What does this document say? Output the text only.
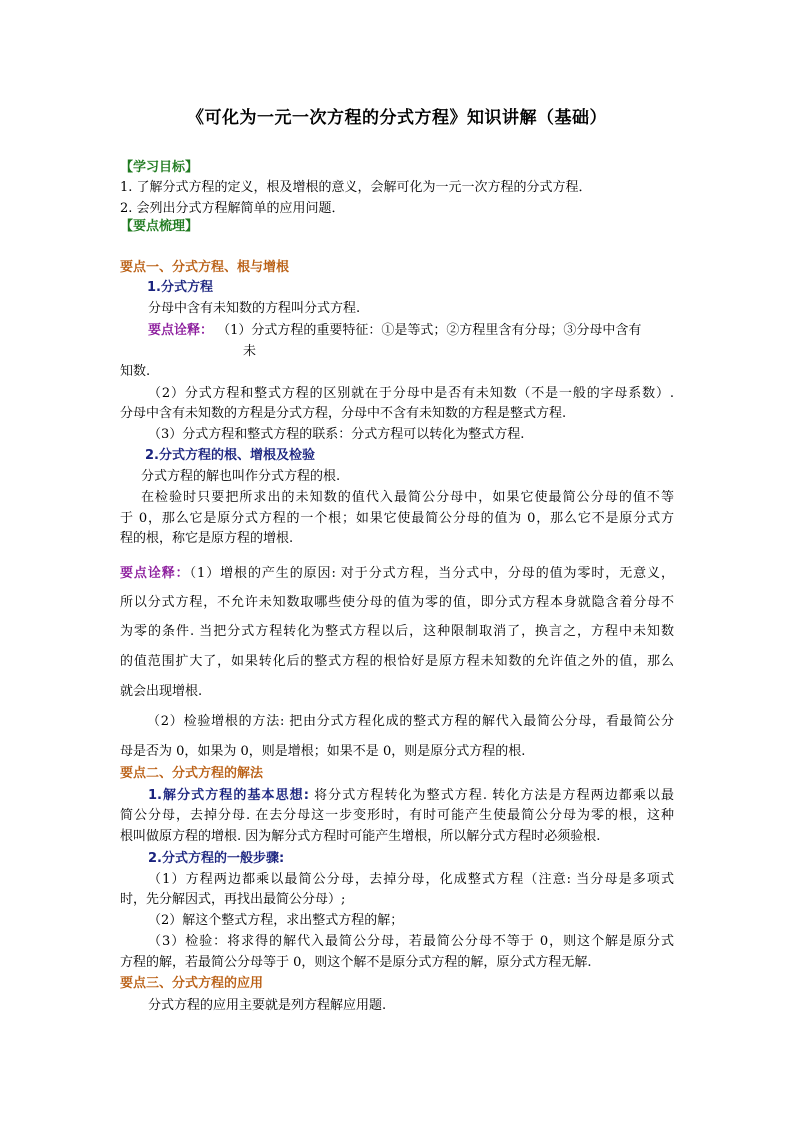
《可化为一元一次方程的分式方程》知识讲解（基础）
【学习目标】
1. 了解分式方程的定义，根及增根的意义，会解可化为一元一次方程的分式方程．
2. 会列出分式方程解简单的应用问题．
【要点梳理】
要点一、分式方程、根与增根
1.分式方程
分母中含有未知数的方程叫分式方程.
要点诠释： （1）分式方程的重要特征：①是等式；②方程里含有分母；③分母中含有
未
知数.
（2）分式方程和整式方程的区别就在于分母中是否有未知数（不是一般的字母系数）.
分母中含有未知数的方程是分式方程，分母中不含有未知数的方程是整式方程.
（3）分式方程和整式方程的联系：分式方程可以转化为整式方程.
2.分式方程的根、增根及检验
分式方程的解也叫作分式方程的根.
在检验时只要把所求出的未知数的值代入最简公分母中，如果它使最简公分母的值不等
于 0，那么它是原分式方程的一个根；如果它使最简公分母的值为 0，那么它不是原分式方
程的根，称它是原方程的增根.
要点诠释：（1）增根的产生的原因: 对于分式方程，当分式中，分母的值为零时，无意义，
所以分式方程，不允许未知数取哪些使分母的值为零的值，即分式方程本身就隐含着分母不
为零的条件. 当把分式方程转化为整式方程以后，这种限制取消了，换言之，方程中未知数
的值范围扩大了，如果转化后的整式方程的根恰好是原方程未知数的允许值之外的值，那么
就会出现增根.
（2）检验增根的方法: 把由分式方程化成的整式方程的解代入最简公分母，看最简公分
母是否为 0，如果为 0，则是增根；如果不是 0，则是原分式方程的根.
要点二、分式方程的解法
1.解分式方程的基本思想: 将分式方程转化为整式方程. 转化方法是方程两边都乘以最
简公分母，去掉分母. 在去分母这一步变形时，有时可能产生使最简公分母为零的根，这种
根叫做原方程的增根. 因为解分式方程时可能产生增根，所以解分式方程时必须验根.
2.分式方程的一般步骤:
（1）方程两边都乘以最简公分母，去掉分母，化成整式方程（注意: 当分母是多项式
时，先分解因式，再找出最简公分母）;
（2）解这个整式方程，求出整式方程的解；
（3）检验：将求得的解代入最简公分母，若最简公分母不等于 0，则这个解是原分式
方程的解，若最简公分母等于 0，则这个解不是原分式方程的解，原分式方程无解.
要点三、分式方程的应用
分式方程的应用主要就是列方程解应用题.
